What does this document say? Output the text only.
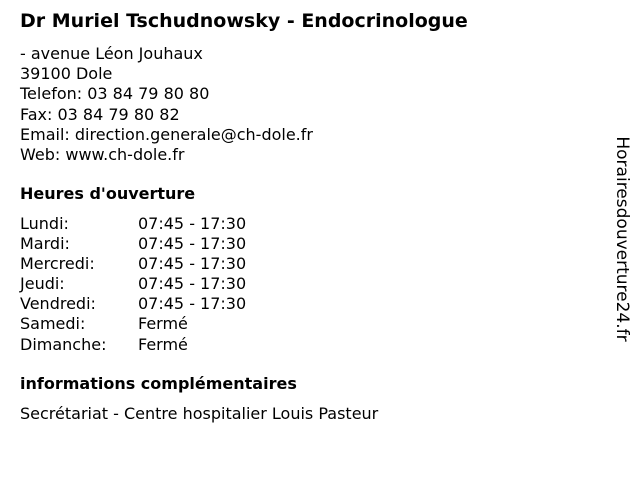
Dr Muriel Tschudnowsky - Endocrinologue
- avenue Léon Jouhaux
39100 Dole
Telefon: 03 84 79 80 80
Fax: 03 84 79 80 82
Email: direction.generale@ch-dole.fr
Web: www.ch-dole.fr
Heures d'ouverture
Lundi:	07:45 - 17:30
Mardi:	07:45 - 17:30
Mercredi:	07:45 - 17:30
Jeudi:	07:45 - 17:30
Vendredi:	07:45 - 17:30
Samedi:	Fermé
Dimanche:	Fermé
informations complémentaires
Secrétariat - Centre hospitalier Louis Pasteur
Horairesdouverture24.fr
